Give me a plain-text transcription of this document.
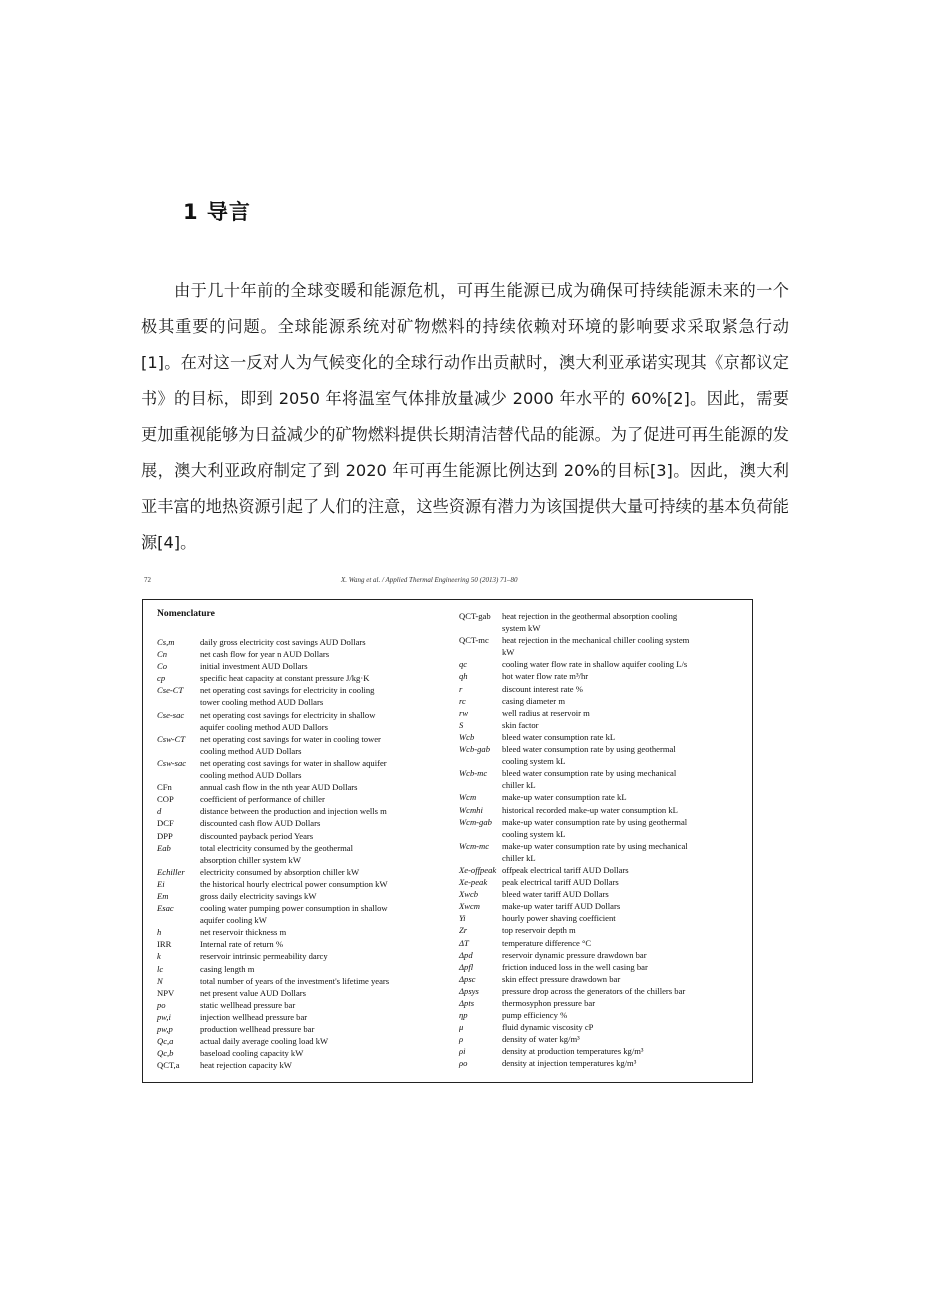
1 导言

由于几十年前的全球变暖和能源危机，可再生能源已成为确保可持续能源未来的一个极其重要的问题。全球能源系统对矿物燃料的持续依赖对环境的影响要求采取紧急行动[1]。在对这一反对人为气候变化的全球行动作出贡献时，澳大利亚承诺实现其《京都议定书》的目标，即到 2050 年将温室气体排放量减少 2000 年水平的 60%[2]。因此，需要更加重视能够为日益减少的矿物燃料提供长期清洁替代品的能源。为了促进可再生能源的发展，澳大利亚政府制定了到 2020 年可再生能源比例达到 20%的目标[3]。因此，澳大利亚丰富的地热资源引起了人们的注意，这些资源有潜力为该国提供大量可持续的基本负荷能源[4]。

72	X. Wang et al. / Applied Thermal Engineering 50 (2013) 71–80
Nomenclature
Cs,m	daily gross electricity cost savings AUD Dollars
Cn	net cash flow for year n AUD Dollars
Co	initial investment AUD Dollars
cp	specific heat capacity at constant pressure J/kg·K
Cse-CT	net operating cost savings for electricity in cooling
tower cooling method AUD Dollars
Cse-sac	net operating cost savings for electricity in shallow
aquifer cooling method AUD Dallors
Csw-CT	net operating cost savings for water in cooling tower
cooling method AUD Dollars
Csw-sac	net operating cost savings for water in shallow aquifer
cooling method AUD Dollars
CFn	annual cash flow in the nth year AUD Dollars
COP	coefficient of performance of chiller
d	distance between the production and injection wells m
DCF	discounted cash flow AUD Dollars
DPP	discounted payback period Years
Eab	total electricity consumed by the geothermal
absorption chiller system kW
Echiller	electricity consumed by absorption chiller kW
Ei	the historical hourly electrical power consumption kW
Em	gross daily electricity savings kW
Esac	cooling water pumping power consumption in shallow
aquifer cooling kW
h	net reservoir thickness m
IRR	Internal rate of return %
k	reservoir intrinsic permeability darcy
lc	casing length m
N	total number of years of the investment's lifetime years
NPV	net present value AUD Dollars
po	static wellhead pressure bar
pw,i	injection wellhead pressure bar
pw,p	production wellhead pressure bar
Qc,a	actual daily average cooling load kW
Qc,b	baseload cooling capacity kW
QCT,a	heat rejection capacity kW
QCT-gab	heat rejection in the geothermal absorption cooling
system kW
QCT-mc	heat rejection in the mechanical chiller cooling system
kW
qc	cooling water flow rate in shallow aquifer cooling L/s
qh	hot water flow rate m³/hr
r	discount interest rate %
rc	casing diameter m
rw	well radius at reservoir m
S	skin factor
Wcb	bleed water consumption rate kL
Wcb-gab	bleed water consumption rate by using geothermal
cooling system kL
Wcb-mc	bleed water consumption rate by using mechanical
chiller kL
Wcm	make-up water consumption rate kL
Wcmhi	historical recorded make-up water consumption kL
Wcm-gab	make-up water consumption rate by using geothermal
cooling system kL
Wcm-mc	make-up water consumption rate by using mechanical
chiller kL
Xe-offpeak offpeak electrical tariff AUD Dollars
Xe-peak	peak electrical tariff AUD Dollars
Xwcb	bleed water tariff AUD Dollars
Xwcm	make-up water tariff AUD Dollars
Yi	hourly power shaving coefficient
Zr	top reservoir depth m
ΔT	temperature difference °C
Δpd	reservoir dynamic pressure drawdown bar
Δpfl	friction induced loss in the well casing bar
Δpsc	skin effect pressure drawdown bar
Δpsys	pressure drop across the generators of the chillers bar
Δpts	thermosyphon pressure bar
ηp	pump efficiency %
μ	fluid dynamic viscosity cP
ρ	density of water kg/m³
ρi	density at production temperatures kg/m³
ρo	density at injection temperatures kg/m³
